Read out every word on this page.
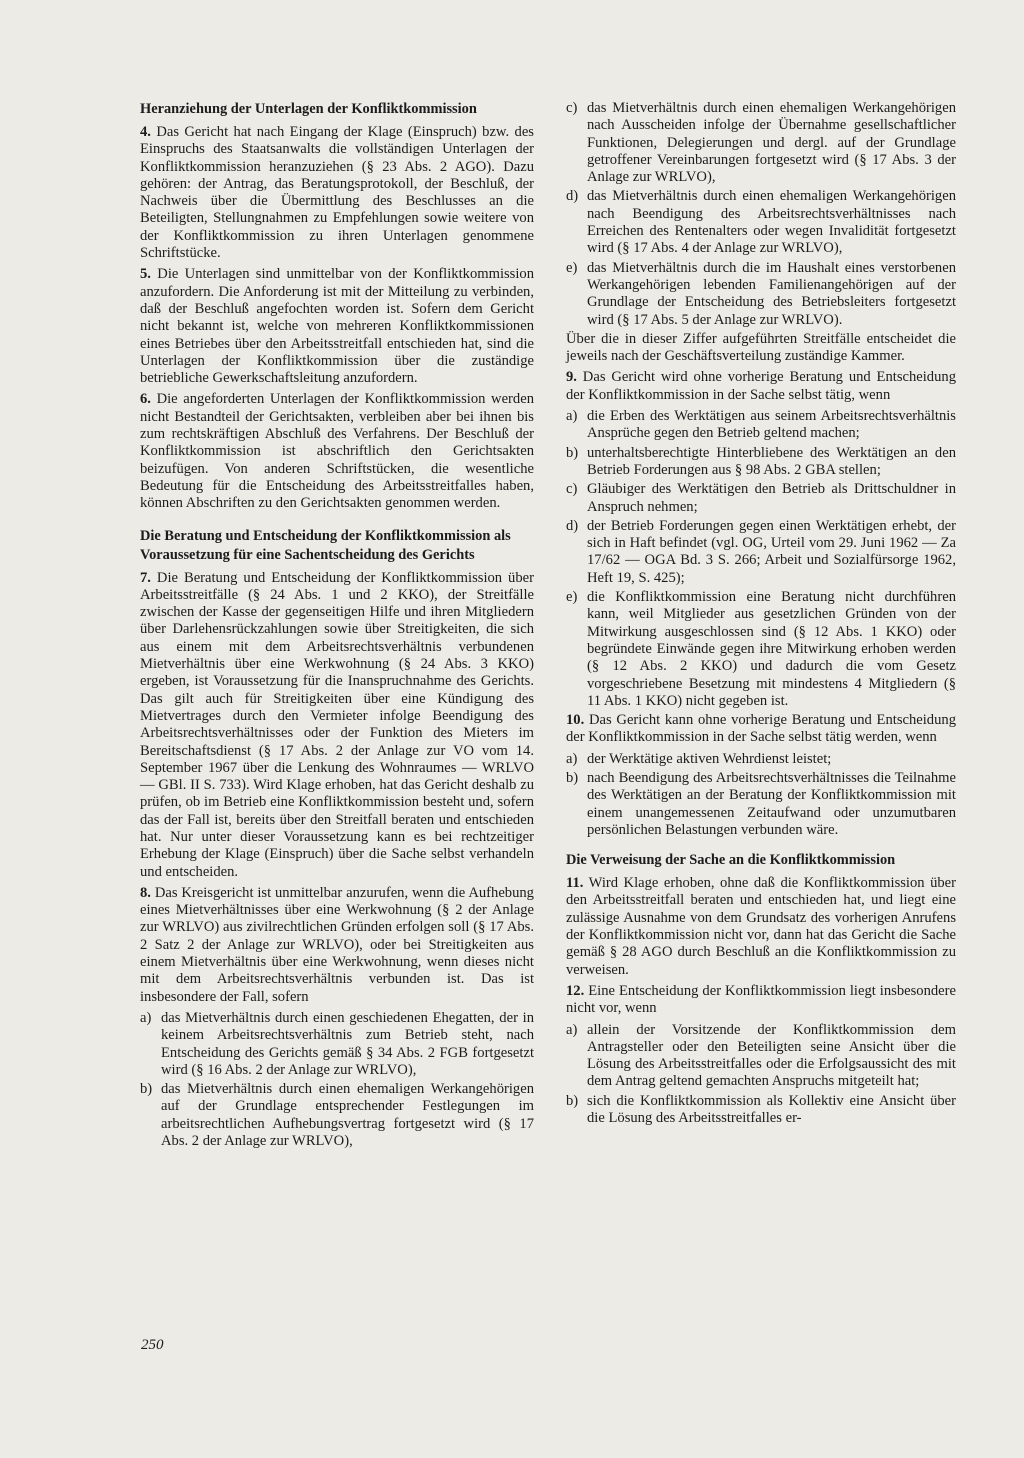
Heranziehung der Unterlagen der Konfliktkommission
4. Das Gericht hat nach Eingang der Klage (Einspruch) bzw. des Einspruchs des Staatsanwalts die vollständigen Unterlagen der Konfliktkommission heranzuziehen (§ 23 Abs. 2 AGO). Dazu gehören: der Antrag, das Beratungsprotokoll, der Beschluß, der Nachweis über die Übermittlung des Beschlusses an die Beteiligten, Stellungnahmen zu Empfehlungen sowie weitere von der Konfliktkommission zu ihren Unterlagen genommene Schriftstücke.
5. Die Unterlagen sind unmittelbar von der Konfliktkommission anzufordern. Die Anforderung ist mit der Mitteilung zu verbinden, daß der Beschluß angefochten worden ist. Sofern dem Gericht nicht bekannt ist, welche von mehreren Konfliktkommissionen eines Betriebes über den Arbeitsstreitfall entschieden hat, sind die Unterlagen der Konfliktkommission über die zuständige betriebliche Gewerkschaftsleitung anzufordern.
6. Die angeforderten Unterlagen der Konfliktkommission werden nicht Bestandteil der Gerichtsakten, verbleiben aber bei ihnen bis zum rechtskräftigen Abschluß des Verfahrens. Der Beschluß der Konfliktkommission ist abschriftlich den Gerichtsakten beizufügen. Von anderen Schriftstücken, die wesentliche Bedeutung für die Entscheidung des Arbeitsstreitfalles haben, können Abschriften zu den Gerichtsakten genommen werden.
Die Beratung und Entscheidung der Konfliktkommission als Voraussetzung für eine Sachentscheidung des Gerichts
7. Die Beratung und Entscheidung der Konfliktkommission über Arbeitsstreitfälle (§ 24 Abs. 1 und 2 KKO), der Streitfälle zwischen der Kasse der gegenseitigen Hilfe und ihren Mitgliedern über Darlehensrückzahlungen sowie über Streitigkeiten, die sich aus einem mit dem Arbeitsrechtsverhältnis verbundenen Mietverhältnis über eine Werkwohnung (§ 24 Abs. 3 KKO) ergeben, ist Voraussetzung für die Inanspruchnahme des Gerichts. Das gilt auch für Streitigkeiten über eine Kündigung des Mietvertrages durch den Vermieter infolge Beendigung des Arbeitsrechtsverhältnisses oder der Funktion des Mieters im Bereitschaftsdienst (§ 17 Abs. 2 der Anlage zur VO vom 14. September 1967 über die Lenkung des Wohnraumes — WRLVO — GBl. II S. 733). Wird Klage erhoben, hat das Gericht deshalb zu prüfen, ob im Betrieb eine Konfliktkommission besteht und, sofern das der Fall ist, bereits über den Streitfall beraten und entschieden hat. Nur unter dieser Voraussetzung kann es bei rechtzeitiger Erhebung der Klage (Einspruch) über die Sache selbst verhandeln und entscheiden.
8. Das Kreisgericht ist unmittelbar anzurufen, wenn die Aufhebung eines Mietverhältnisses über eine Werkwohnung (§ 2 der Anlage zur WRLVO) aus zivilrechtlichen Gründen erfolgen soll (§ 17 Abs. 2 Satz 2 der Anlage zur WRLVO), oder bei Streitigkeiten aus einem Mietverhältnis über eine Werkwohnung, wenn dieses nicht mit dem Arbeitsrechtsverhältnis verbunden ist. Das ist insbesondere der Fall, sofern
a) das Mietverhältnis durch einen geschiedenen Ehegatten, der in keinem Arbeitsrechtsverhältnis zum Betrieb steht, nach Entscheidung des Gerichts gemäß § 34 Abs. 2 FGB fortgesetzt wird (§ 16 Abs. 2 der Anlage zur WRLVO),
b) das Mietverhältnis durch einen ehemaligen Werkangehörigen auf der Grundlage entsprechender Festlegungen im arbeitsrechtlichen Aufhebungsvertrag fortgesetzt wird (§ 17 Abs. 2 der Anlage zur WRLVO),
c) das Mietverhältnis durch einen ehemaligen Werkangehörigen nach Ausscheiden infolge der Übernahme gesellschaftlicher Funktionen, Delegierungen und dergl. auf der Grundlage getroffener Vereinbarungen fortgesetzt wird (§ 17 Abs. 3 der Anlage zur WRLVO),
d) das Mietverhältnis durch einen ehemaligen Werkangehörigen nach Beendigung des Arbeitsrechtsverhältnisses nach Erreichen des Rentenalters oder wegen Invalidität fortgesetzt wird (§ 17 Abs. 4 der Anlage zur WRLVO),
e) das Mietverhältnis durch die im Haushalt eines verstorbenen Werkangehörigen lebenden Familienangehörigen auf der Grundlage der Entscheidung des Betriebsleiters fortgesetzt wird (§ 17 Abs. 5 der Anlage zur WRLVO).
Über die in dieser Ziffer aufgeführten Streitfälle entscheidet die jeweils nach der Geschäftsverteilung zuständige Kammer.
9. Das Gericht wird ohne vorherige Beratung und Entscheidung der Konfliktkommission in der Sache selbst tätig, wenn
a) die Erben des Werktätigen aus seinem Arbeitsrechtsverhältnis Ansprüche gegen den Betrieb geltend machen;
b) unterhaltsberechtigte Hinterbliebene des Werktätigen an den Betrieb Forderungen aus § 98 Abs. 2 GBA stellen;
c) Gläubiger des Werktätigen den Betrieb als Drittschuldner in Anspruch nehmen;
d) der Betrieb Forderungen gegen einen Werktätigen erhebt, der sich in Haft befindet (vgl. OG, Urteil vom 29. Juni 1962 — Za 17/62 — OGA Bd. 3 S. 266; Arbeit und Sozialfürsorge 1962, Heft 19, S. 425);
e) die Konfliktkommission eine Beratung nicht durchführen kann, weil Mitglieder aus gesetzlichen Gründen von der Mitwirkung ausgeschlossen sind (§ 12 Abs. 1 KKO) oder begründete Einwände gegen ihre Mitwirkung erhoben werden (§ 12 Abs. 2 KKO) und dadurch die vom Gesetz vorgeschriebene Besetzung mit mindestens 4 Mitgliedern (§ 11 Abs. 1 KKO) nicht gegeben ist.
10. Das Gericht kann ohne vorherige Beratung und Entscheidung der Konfliktkommission in der Sache selbst tätig werden, wenn
a) der Werktätige aktiven Wehrdienst leistet;
b) nach Beendigung des Arbeitsrechtsverhältnisses die Teilnahme des Werktätigen an der Beratung der Konfliktkommission mit einem unangemessenen Zeitaufwand oder unzumutbaren persönlichen Belastungen verbunden wäre.
Die Verweisung der Sache an die Konfliktkommission
11. Wird Klage erhoben, ohne daß die Konfliktkommission über den Arbeitsstreitfall beraten und entschieden hat, und liegt eine zulässige Ausnahme von dem Grundsatz des vorherigen Anrufens der Konfliktkommission nicht vor, dann hat das Gericht die Sache gemäß § 28 AGO durch Beschluß an die Konfliktkommission zu verweisen.
12. Eine Entscheidung der Konfliktkommission liegt insbesondere nicht vor, wenn
a) allein der Vorsitzende der Konfliktkommission dem Antragsteller oder den Beteiligten seine Ansicht über die Lösung des Arbeitsstreitfalles oder die Erfolgsaussicht des mit dem Antrag geltend gemachten Anspruchs mitgeteilt hat;
b) sich die Konfliktkommission als Kollektiv eine Ansicht über die Lösung des Arbeitsstreitfalles er-
250
